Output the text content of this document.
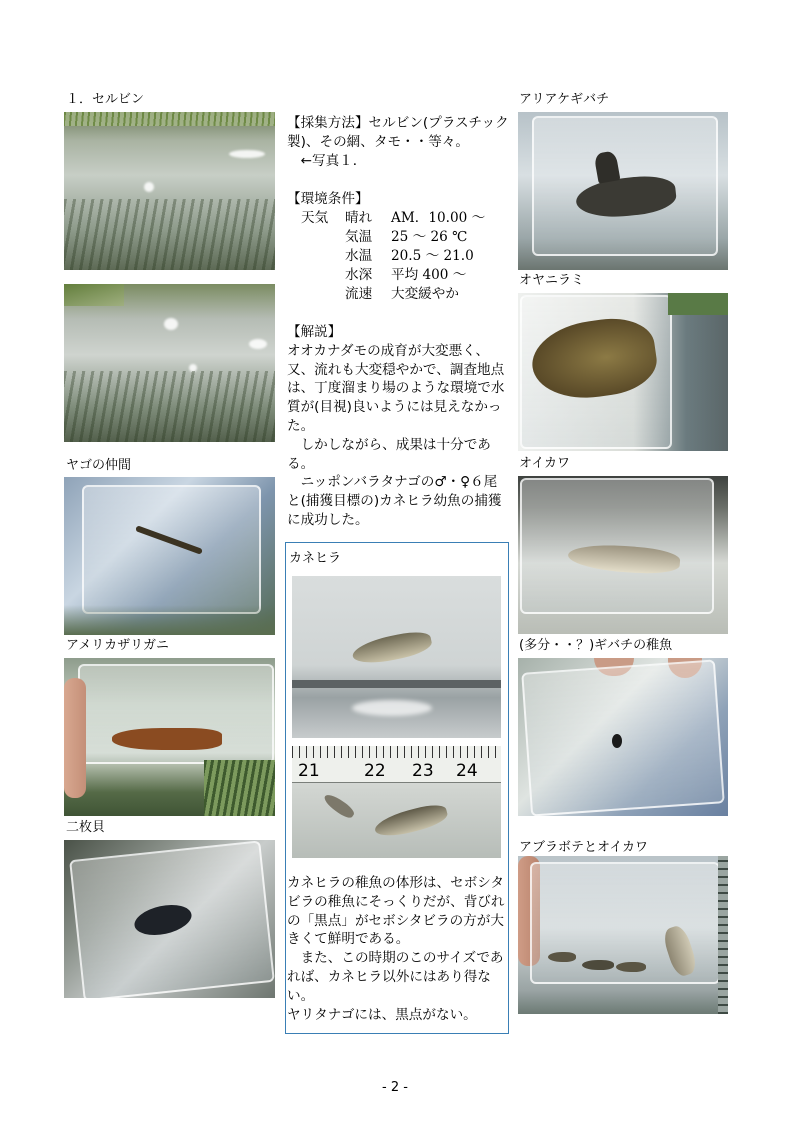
１．セルビン
ヤゴの仲間
アメリカザリガニ
二枚貝

【採集方法】セルビン(プラスチック製)、その網、タモ・・等々。

←写真１．

【環境条件】
天気 晴れ AM．10.00 ～
気温 25 ～ 26 ℃
水温 20.5 ～ 21.0
水深 平均 400 ～
流速 大変緩やか

【解説】

オオカナダモの成育が大変悪く、又、流れも大変穏やかで、調査地点は、丁度溜まり場のような環境で水質が(目視)良いようには見えなかった。

しかしながら、成果は十分である。

ニッポンバラタナゴの♂・♀６尾と(捕獲目標の)カネヒラ幼魚の捕獲に成功した。

カネヒラ
21	22 23 24

カネヒラの稚魚の体形は、セボシタビラの稚魚にそっくりだが、背びれの「黒点」がセボシタビラの方が大きくて鮮明である。

また、この時期のこのサイズであれば、カネヒラ以外にはあり得ない。

ヤリタナゴには、黒点がない。

アリアケギバチ
オヤニラミ
オイカワ
(多分・・？)ギバチの稚魚
アブラボテとオイカワ
- 2 -
